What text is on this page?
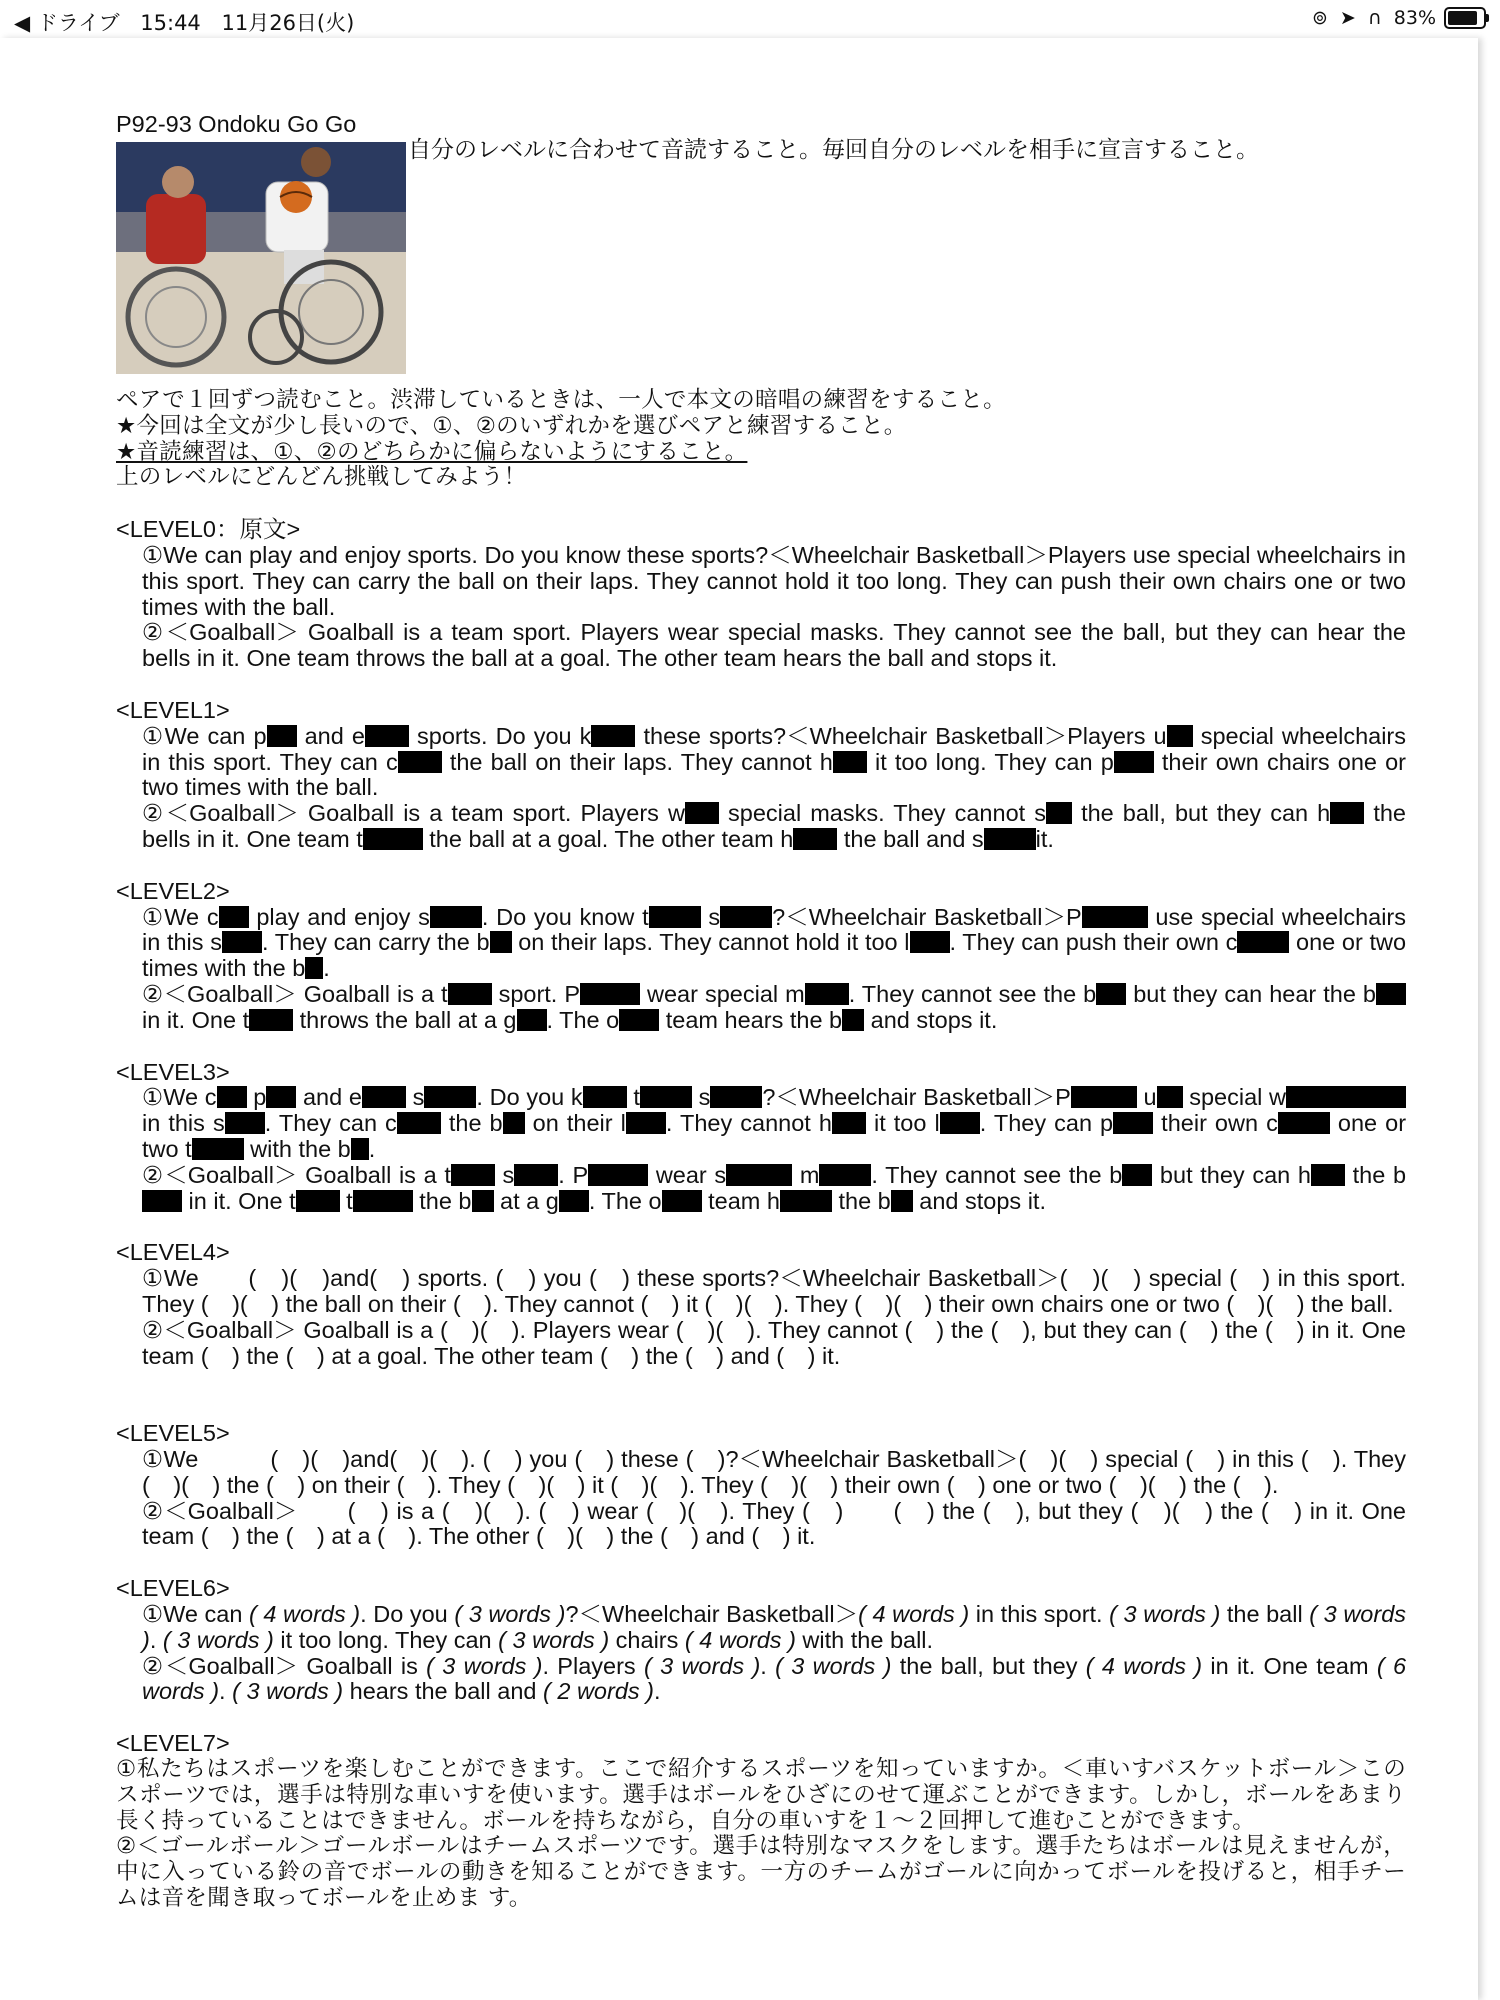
◀ ドライブ 15:44 11月26日(火)	⊚ ➤ ∩ 83%
P92-93 Ondoku Go Go
自分のレベルに合わせて音読すること。毎回自分のレベルを相手に宣言すること。
ペアで１回ずつ読むこと。渋滞しているときは、一人で本文の暗唱の練習をすること。
★今回は全文が少し長いので、①、②のいずれかを選びペアと練習すること。
★音読練習は、①、②のどちらかに偏らないようにすること。
上のレベルにどんどん挑戦してみよう！
<LEVEL0：原文>
①We can play and enjoy sports. Do you know these sports?＜Wheelchair Basketball＞Players use special wheelchairs in this sport. They can carry the ball on their laps. They cannot hold it too long. They can push their own chairs one or two times with the ball.
②＜Goalball＞ Goalball is a team sport. Players wear special masks. They cannot see the ball, but they can hear the bells in it. One team throws the ball at a goal. The other team hears the ball and stops it.
<LEVEL1>
①We can p and e sports. Do you k these sports?＜Wheelchair Basketball＞Players u special wheelchairs in this sport. They can c the ball on their laps. They cannot h it too long. They can p their own chairs one or two times with the ball.
②＜Goalball＞ Goalball is a team sport. Players w special masks. They cannot s the ball, but they can h the bells in it. One team t	the ball at a goal. The other team h the ball and s it.
<LEVEL2>
①We c play and enjoy s . Do you know t s ?＜Wheelchair Basketball＞P	use special wheelchairs in this s . They can carry the b on their laps. They cannot hold it too l . They can push their own c one or two times with the b .
②＜Goalball＞ Goalball is a t sport. P	wear special m . They cannot see the b but they can hear the b in it. One t throws the ball at a g . The o team hears the b and stops it.
<LEVEL3>
①We c p and e s . Do you k t s ?＜Wheelchair Basketball＞P	u special w in this s . They can c the b on their l . They cannot h it too l . They can p their own c one or two t with the b .
②＜Goalball＞ Goalball is a t s . P	wear s	m . They cannot see the b but they can h the b in it. One t t	the b at a g . The o team h the b and stops it.
<LEVEL4>
①We　　(　)(　)and(　) sports. (　) you (　) these sports?＜Wheelchair Basketball＞(　)(　) special (　) in this sport. They (　)(　) the ball on their (　). They cannot (　) it (　)(　). They (　)(　) their own chairs one or two (　)(　) the ball.
②＜Goalball＞ Goalball is a (　)(　). Players wear (　)(　). They cannot (　) the (　), but they can (　) the (　) in it. One team (　) the (　) at a goal. The other team (　) the (　) and (　) it.
<LEVEL5>
①We　　　(　)(　)and(　)(　). (　) you (　) these (　)?＜Wheelchair Basketball＞(　)(　) special (　) in this (　). They (　)(　) the (　) on their (　). They (　)(　) it (　)(　). They (　)(　) their own (　) one or two (　)(　) the (　).
②＜Goalball＞　　(　) is a (　)(　). (　) wear (　)(　). They (　)　　(　) the (　), but they (　)(　) the (　) in it. One team (　) the (　) at a (　). The other (　)(　) the (　) and (　) it.
<LEVEL6>
①We can ( 4 words ). Do you ( 3 words )?＜Wheelchair Basketball＞( 4 words ) in this sport. ( 3 words ) the ball ( 3 words ). ( 3 words ) it too long. They can ( 3 words ) chairs ( 4 words ) with the ball.
②＜Goalball＞ Goalball is ( 3 words ). Players ( 3 words ). ( 3 words ) the ball, but they ( 4 words ) in it. One team ( 6 words ). ( 3 words ) hears the ball and ( 2 words ).
<LEVEL7>
①私たちはスポーツを楽しむことができます。ここで紹介するスポーツを知っていますか。＜車いすバスケットボール＞このスポーツでは，選手は特別な車いすを使います。選手はボールをひざにのせて運ぶことができます。しかし，ボールをあまり長く持っていることはできません。ボールを持ちながら，自分の車いすを１～２回押して進むことができます。
②＜ゴールボール＞ゴールボールはチームスポーツです。選手は特別なマスクをします。選手たちはボールは見えませんが，中に入っている鈴の音でボールの動きを知ることができます。一方のチームがゴールに向かってボールを投げると，相手チームは音を聞き取ってボールを止めま す。
